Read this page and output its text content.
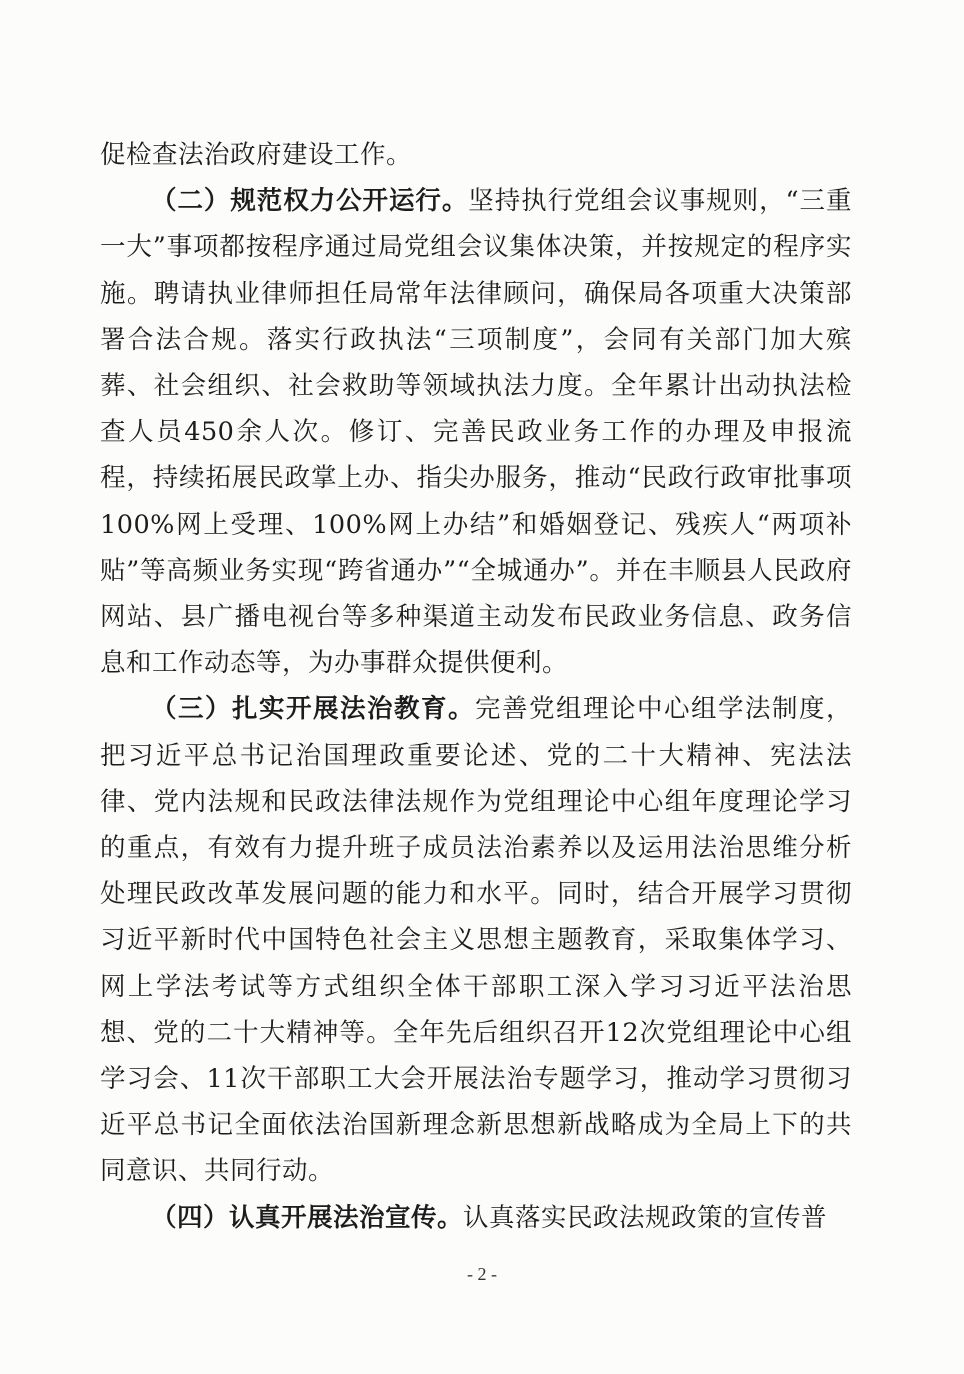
促检查法治政府建设工作。

（二）规范权力公开运行。坚持执行党组会议事规则，“三重一大”事项都按程序通过局党组会议集体决策，并按规定的程序实施。聘请执业律师担任局常年法律顾问，确保局各项重大决策部署合法合规。落实行政执法“三项制度”，会同有关部门加大殡葬、社会组织、社会救助等领域执法力度。全年累计出动执法检查人员450余人次。修订、完善民政业务工作的办理及申报流程，持续拓展民政掌上办、指尖办服务，推动“民政行政审批事项100%网上受理、100%网上办结”和婚姻登记、残疾人“两项补贴”等高频业务实现“跨省通办”“全城通办”。并在丰顺县人民政府网站、县广播电视台等多种渠道主动发布民政业务信息、政务信息和工作动态等，为办事群众提供便利。

（三）扎实开展法治教育。完善党组理论中心组学法制度，把习近平总书记治国理政重要论述、党的二十大精神、宪法法律、党内法规和民政法律法规作为党组理论中心组年度理论学习的重点，有效有力提升班子成员法治素养以及运用法治思维分析处理民政改革发展问题的能力和水平。同时，结合开展学习贯彻习近平新时代中国特色社会主义思想主题教育，采取集体学习、网上学法考试等方式组织全体干部职工深入学习习近平法治思想、党的二十大精神等。全年先后组织召开12次党组理论中心组学习会、11次干部职工大会开展法治专题学习，推动学习贯彻习近平总书记全面依法治国新理念新思想新战略成为全局上下的共同意识、共同行动。

（四）认真开展法治宣传。认真落实民政法规政策的宣传普

- 2 -
